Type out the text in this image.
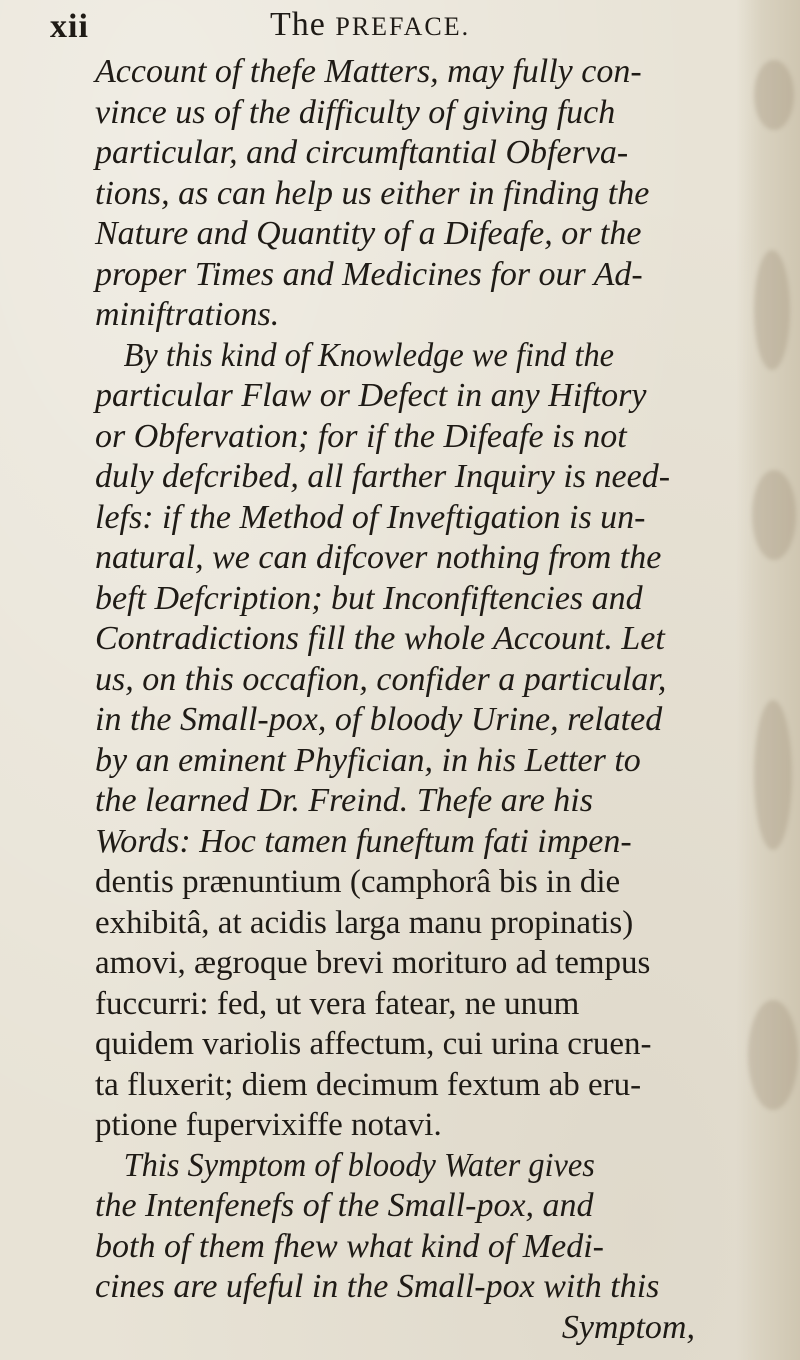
xii	The PREFACE.
Account of thefe Matters, may fully con-
vince us of the difficulty of giving fuch
particular, and circumftantial Obferva-
tions, as can help us either in finding the
Nature and Quantity of a Difeafe, or the
proper Times and Medicines for our Ad-
miniftrations.
By this kind of Knowledge we find the
particular Flaw or Defect in any Hiftory
or Obfervation; for if the Difeafe is not
duly defcribed, all farther Inquiry is need-
lefs: if the Method of Inveftigation is un-
natural, we can difcover nothing from the
beft Defcription; but Inconfiftencies and
Contradictions fill the whole Account. Let
us, on this occafion, confider a particular,
in the Small-pox, of bloody Urine, related
by an eminent Phyfician, in his Letter to
the learned Dr. Freind. Thefe are his
Words: Hoc tamen funeftum fati impen-
dentis prænuntium (camphorâ bis in die
exhibitâ, at acidis larga manu propinatis)
amovi, ægroque brevi morituro ad tempus
fuccurri: fed, ut vera fatear, ne unum
quidem variolis affectum, cui urina cruen-
ta fluxerit; diem decimum fextum ab eru-
ptione fupervixiffe notavi.
This Symptom of bloody Water gives
the Intenfenefs of the Small-pox, and
both of them fhew what kind of Medi-
cines are ufeful in the Small-pox with this
Symptom,
